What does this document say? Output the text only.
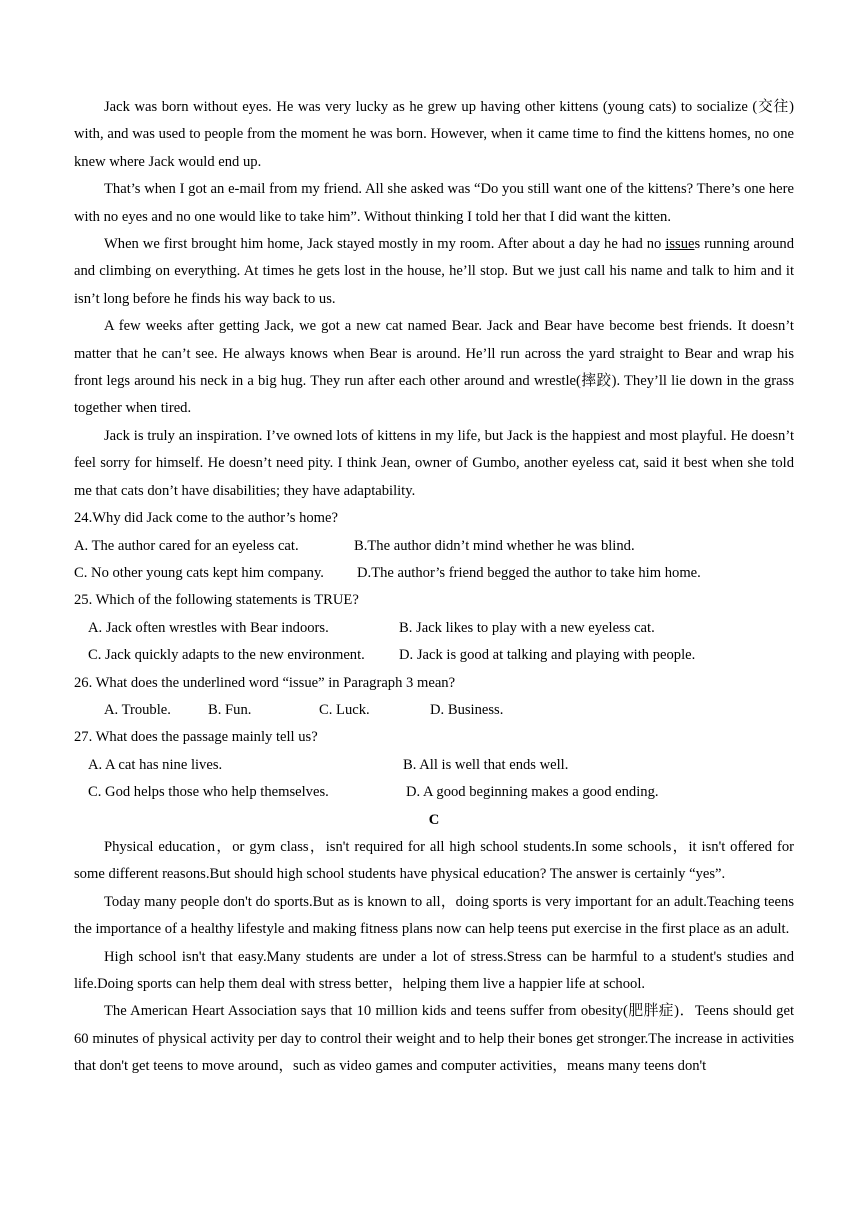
Jack was born without eyes. He was very lucky as he grew up having other kittens (young cats) to socialize (交往) with, and was used to people from the moment he was born. However, when it came time to find the kittens homes, no one knew where Jack would end up.

That’s when I got an e-mail from my friend. All she asked was “Do you still want one of the kittens? There’s one here with no eyes and no one would like to take him”. Without thinking I told her that I did want the kitten.

When we first brought him home, Jack stayed mostly in my room. After about a day he had no issues running around and climbing on everything. At times he gets lost in the house, he’ll stop. But we just call his name and talk to him and it isn’t long before he finds his way back to us.

A few weeks after getting Jack, we got a new cat named Bear. Jack and Bear have become best friends. It doesn’t matter that he can’t see. He always knows when Bear is around. He’ll run across the yard straight to Bear and wrap his front legs around his neck in a big hug. They run after each other around and wrestle(摔跤). They’ll lie down in the grass together when tired.

Jack is truly an inspiration. I’ve owned lots of kittens in my life, but Jack is the happiest and most playful. He doesn’t feel sorry for himself. He doesn’t need pity. I think Jean, owner of Gumbo, another eyeless cat, said it best when she told me that cats don’t have disabilities; they have adaptability.

24.Why did Jack come to the author’s home?

A. The author cared for an eyeless cat.	B.The author didn’t mind whether he was blind.
C. No other young cats kept him company.	D.The author’s friend begged the author to take him home.

25. Which of the following statements is TRUE?

A. Jack often wrestles with Bear indoors.	B. Jack likes to play with a new eyeless cat.
C. Jack quickly adapts to the new environment.	D. Jack is good at talking and playing with people.

26. What does the underlined word “issue” in Paragraph 3 mean?

A. Trouble.	B. Fun.	C. Luck.	D. Business.

27. What does the passage mainly tell us?

A. A cat has nine lives.	B. All is well that ends well.
C. God helps those who help themselves.	D. A good beginning makes a good ending.

C

Physical education，or gym class，isn't required for all high school students.In some schools，it isn't offered for some different reasons.But should high school students have physical education? The answer is certainly “yes”.

Today many people don't do sports.But as is known to all，doing sports is very important for an adult.Teaching teens the importance of a healthy lifestyle and making fitness plans now can help teens put exercise in the first place as an adult.

High school isn't that easy.Many students are under a lot of stress.Stress can be harmful to a student's studies and life.Doing sports can help them deal with stress better，helping them live a happier life at school.

The American Heart Association says that 10 million kids and teens suffer from obesity(肥胖症)．Teens should get 60 minutes of physical activity per day to control their weight and to help their bones get stronger.The increase in activities that don't get teens to move around，such as video games and computer activities，means many teens don't
